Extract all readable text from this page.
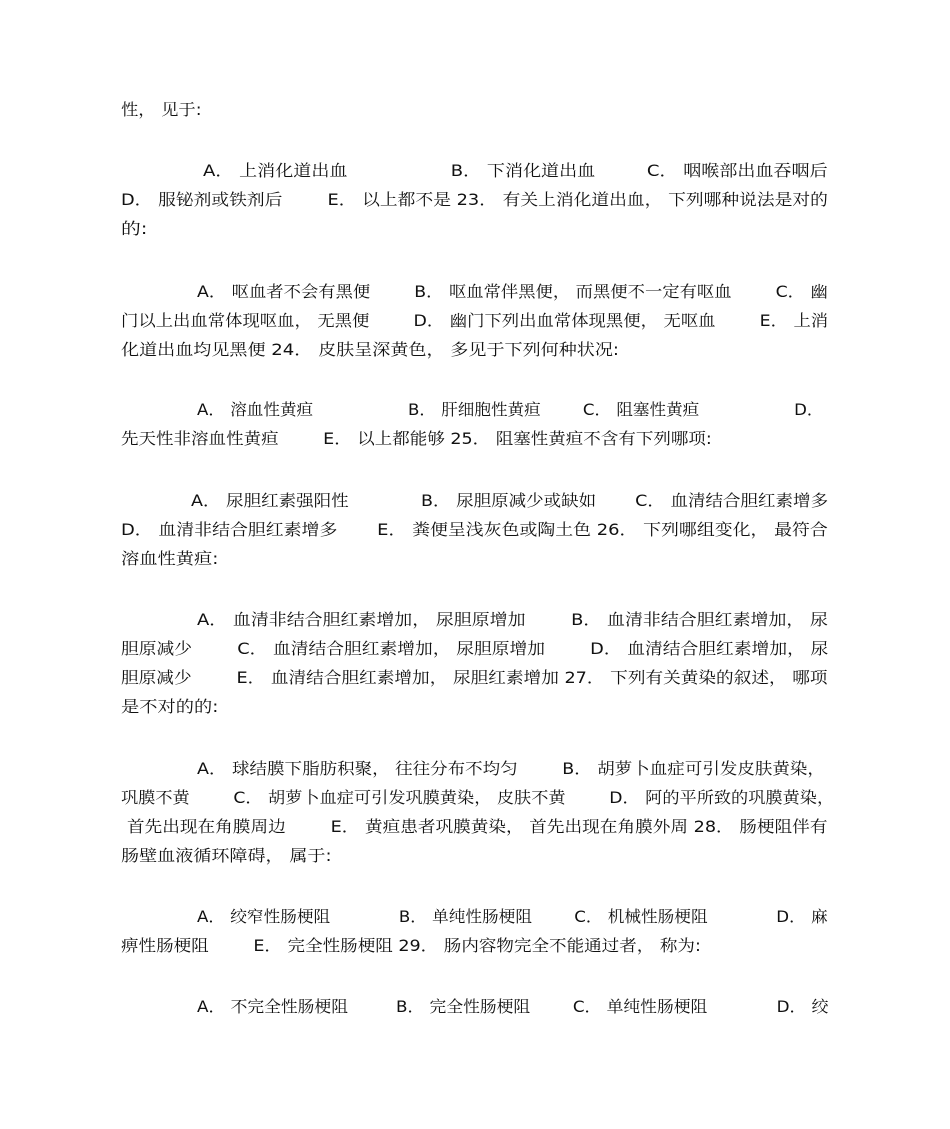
性， 见于:
A． 上消化道出血                  B． 下消化道出血         C． 咽喉部出血吞咽后
D． 服铋剂或铁剂后        E． 以上都不是 23． 有关上消化道出血， 下列哪种说法是对的
的:
A． 呕血者不会有黑便        B． 呕血常伴黑便， 而黑便不一定有呕血        C． 幽
门以上出血常体现呕血， 无黑便        D． 幽门下列出血常体现黑便， 无呕血        E． 上消
化道出血均见黑便 24． 皮肤呈深黄色， 多见于下列何种状况:
A． 溶血性黄疸                  B． 肝细胞性黄疸        C． 阻塞性黄疸                  D．
先天性非溶血性黄疸        E． 以上都能够 25． 阻塞性黄疸不含有下列哪项:
A． 尿胆红素强阳性             B． 尿胆原减少或缺如       C． 血清结合胆红素增多
D． 血清非结合胆红素增多       E． 粪便呈浅灰色或陶土色 26． 下列哪组变化， 最符合
溶血性黄疸:
A． 血清非结合胆红素增加， 尿胆原增加        B． 血清非结合胆红素增加， 尿
胆原减少        C． 血清结合胆红素增加， 尿胆原增加        D． 血清结合胆红素增加， 尿
胆原减少        E． 血清结合胆红素增加， 尿胆红素增加 27． 下列有关黄染的叙述， 哪项
是不对的的:
A． 球结膜下脂肪积聚， 往往分布不均匀        B． 胡萝卜血症可引发皮肤黄染，
巩膜不黄        C． 胡萝卜血症可引发巩膜黄染， 皮肤不黄        D． 阿的平所致的巩膜黄染，
首先出现在角膜周边        E． 黄疸患者巩膜黄染， 首先出现在角膜外周 28． 肠梗阻伴有
肠壁血液循环障碍， 属于:
A． 绞窄性肠梗阻             B． 单纯性肠梗阻        C． 机械性肠梗阻             D． 麻
痹性肠梗阻        E． 完全性肠梗阻 29． 肠内容物完全不能通过者， 称为:
A． 不完全性肠梗阻         B． 完全性肠梗阻        C． 单纯性肠梗阻             D． 绞
